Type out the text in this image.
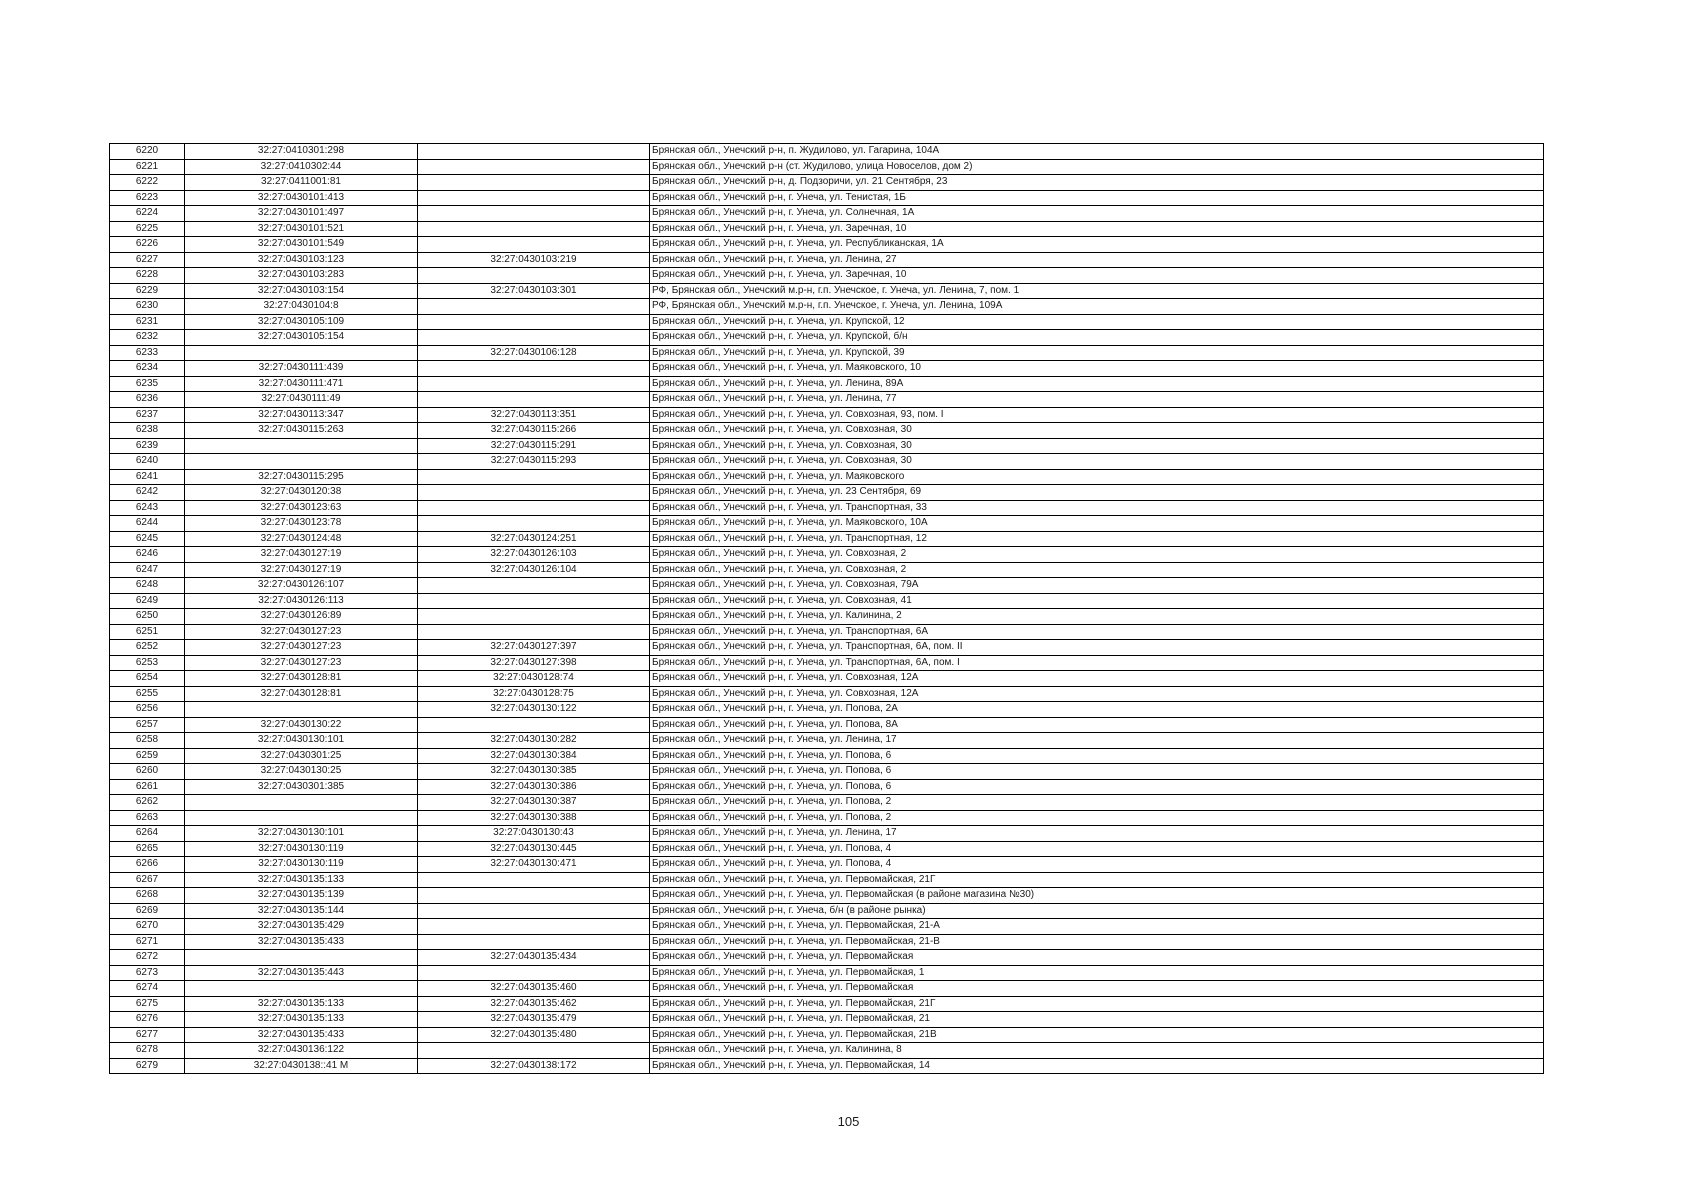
6220	32:27:0410301:298		Брянская обл., Унечский р-н, п. Жудилово, ул. Гагарина, 104А
6221	32:27:0410302:44		Брянская обл., Унечский р-н (ст. Жудилово, улица Новоселов, дом 2)
6222	32:27:0411001:81		Брянская обл., Унечский р-н, д. Подзоричи, ул. 21 Сентября, 23
6223	32:27:0430101:413		Брянская обл., Унечский р-н, г. Унеча, ул. Тенистая, 1Б
6224	32:27:0430101:497		Брянская обл., Унечский р-н, г. Унеча, ул. Солнечная, 1А
6225	32:27:0430101:521		Брянская обл., Унечский р-н, г. Унеча, ул. Заречная, 10
6226	32:27:0430101:549		Брянская обл., Унечский р-н, г. Унеча, ул. Республиканская, 1А
6227	32:27:0430103:123	32:27:0430103:219	Брянская обл., Унечский р-н, г. Унеча, ул. Ленина, 27
6228	32:27:0430103:283		Брянская обл., Унечский р-н, г. Унеча, ул. Заречная, 10
6229	32:27:0430103:154	32:27:0430103:301	РФ, Брянская обл., Унечский м.р-н, г.п. Унечское, г. Унеча, ул. Ленина, 7, пом. 1
6230	32:27:0430104:8		РФ, Брянская обл., Унечский м.р-н, г.п. Унечское, г. Унеча, ул. Ленина, 109А
6231	32:27:0430105:109		Брянская обл., Унечский р-н, г. Унеча, ул. Крупской, 12
6232	32:27:0430105:154		Брянская обл., Унечский р-н, г. Унеча, ул. Крупской, б/н
6233		32:27:0430106:128	Брянская обл., Унечский р-н, г. Унеча, ул. Крупской, 39
6234	32:27:0430111:439		Брянская обл., Унечский р-н, г. Унеча, ул. Маяковского, 10
6235	32:27:0430111:471		Брянская обл., Унечский р-н, г. Унеча, ул. Ленина, 89А
6236	32:27:0430111:49		Брянская обл., Унечский р-н, г. Унеча, ул. Ленина, 77
6237	32:27:0430113:347	32:27:0430113:351	Брянская обл., Унечский р-н, г. Унеча, ул. Совхозная, 93, пом. I
6238	32:27:0430115:263	32:27:0430115:266	Брянская обл., Унечский р-н, г. Унеча, ул. Совхозная, 30
6239		32:27:0430115:291	Брянская обл., Унечский р-н, г. Унеча, ул. Совхозная, 30
6240		32:27:0430115:293	Брянская обл., Унечский р-н, г. Унеча, ул. Совхозная, 30
6241	32:27:0430115:295		Брянская обл., Унечский р-н, г. Унеча, ул. Маяковского
6242	32:27:0430120:38		Брянская обл., Унечский р-н, г. Унеча, ул. 23 Сентября, 69
6243	32:27:0430123:63		Брянская обл., Унечский р-н, г. Унеча, ул. Транспортная, 33
6244	32:27:0430123:78		Брянская обл., Унечский р-н, г. Унеча, ул. Маяковского, 10А
6245	32:27:0430124:48	32:27:0430124:251	Брянская обл., Унечский р-н, г. Унеча, ул. Транспортная, 12
6246	32:27:0430127:19	32:27:0430126:103	Брянская обл., Унечский р-н, г. Унеча, ул. Совхозная, 2
6247	32:27:0430127:19	32:27:0430126:104	Брянская обл., Унечский р-н, г. Унеча, ул. Совхозная, 2
6248	32:27:0430126:107		Брянская обл., Унечский р-н, г. Унеча, ул. Совхозная, 79А
6249	32:27:0430126:113		Брянская обл., Унечский р-н, г. Унеча, ул. Совхозная, 41
6250	32:27:0430126:89		Брянская обл., Унечский р-н, г. Унеча, ул. Калинина, 2
6251	32:27:0430127:23		Брянская обл., Унечский р-н, г. Унеча, ул. Транспортная, 6А
6252	32:27:0430127:23	32:27:0430127:397	Брянская обл., Унечский р-н, г. Унеча, ул. Транспортная, 6А, пом. II
6253	32:27:0430127:23	32:27:0430127:398	Брянская обл., Унечский р-н, г. Унеча, ул. Транспортная, 6А, пом. I
6254	32:27:0430128:81	32:27:0430128:74	Брянская обл., Унечский р-н, г. Унеча, ул. Совхозная, 12А
6255	32:27:0430128:81	32:27:0430128:75	Брянская обл., Унечский р-н, г. Унеча, ул. Совхозная, 12А
6256		32:27:0430130:122	Брянская обл., Унечский р-н, г. Унеча, ул. Попова, 2А
6257	32:27:0430130:22		Брянская обл., Унечский р-н, г. Унеча, ул. Попова, 8А
6258	32:27:0430130:101	32:27:0430130:282	Брянская обл., Унечский р-н, г. Унеча, ул. Ленина, 17
6259	32:27:0430301:25	32:27:0430130:384	Брянская обл., Унечский р-н, г. Унеча, ул. Попова, 6
6260	32:27:0430130:25	32:27:0430130:385	Брянская обл., Унечский р-н, г. Унеча, ул. Попова, 6
6261	32:27:0430301:385	32:27:0430130:386	Брянская обл., Унечский р-н, г. Унеча, ул. Попова, 6
6262		32:27:0430130:387	Брянская обл., Унечский р-н, г. Унеча, ул. Попова, 2
6263		32:27:0430130:388	Брянская обл., Унечский р-н, г. Унеча, ул. Попова, 2
6264	32:27:0430130:101	32:27:0430130:43	Брянская обл., Унечский р-н, г. Унеча, ул. Ленина, 17
6265	32:27:0430130:119	32:27:0430130:445	Брянская обл., Унечский р-н, г. Унеча, ул. Попова, 4
6266	32:27:0430130:119	32:27:0430130:471	Брянская обл., Унечский р-н, г. Унеча, ул. Попова, 4
6267	32:27:0430135:133		Брянская обл., Унечский р-н, г. Унеча, ул. Первомайская, 21Г
6268	32:27:0430135:139		Брянская обл., Унечский р-н, г. Унеча, ул. Первомайская (в районе магазина №30)
6269	32:27:0430135:144		Брянская обл., Унечский р-н, г. Унеча, б/н (в районе рынка)
6270	32:27:0430135:429		Брянская обл., Унечский р-н, г. Унеча, ул. Первомайская, 21-А
6271	32:27:0430135:433		Брянская обл., Унечский р-н, г. Унеча, ул. Первомайская, 21-В
6272		32:27:0430135:434	Брянская обл., Унечский р-н, г. Унеча, ул. Первомайская
6273	32:27:0430135:443		Брянская обл., Унечский р-н, г. Унеча, ул. Первомайская, 1
6274		32:27:0430135:460	Брянская обл., Унечский р-н, г. Унеча, ул. Первомайская
6275	32:27:0430135:133	32:27:0430135:462	Брянская обл., Унечский р-н, г. Унеча, ул. Первомайская, 21Г
6276	32:27:0430135:133	32:27:0430135:479	Брянская обл., Унечский р-н, г. Унеча, ул. Первомайская, 21
6277	32:27:0430135:433	32:27:0430135:480	Брянская обл., Унечский р-н, г. Унеча, ул. Первомайская, 21В
6278	32:27:0430136:122		Брянская обл., Унечский р-н, г. Унеча, ул. Калинина, 8
6279	32:27:0430138::41 М	32:27:0430138:172	Брянская обл., Унечский р-н, г. Унеча, ул. Первомайская, 14
105
